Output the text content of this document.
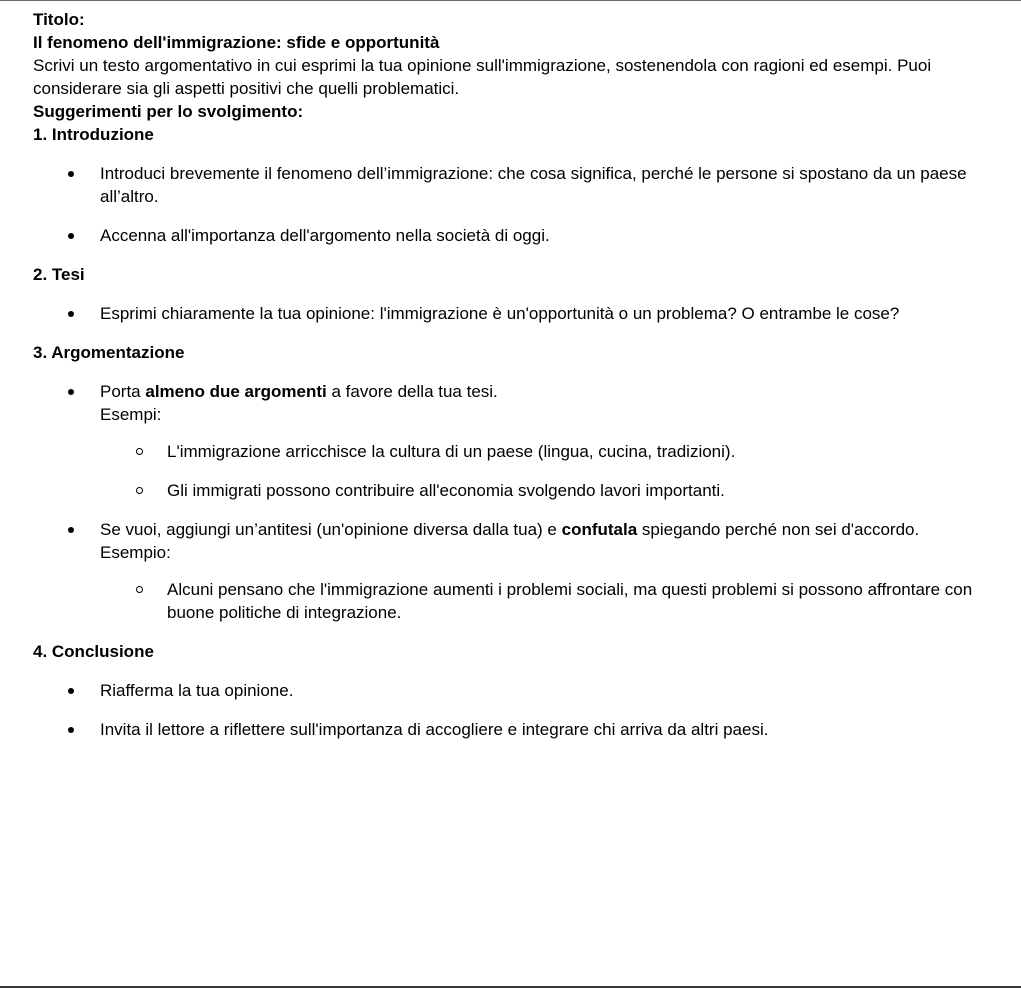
Titolo:

Il fenomeno dell'immigrazione: sfide e opportunità

Scrivi un testo argomentativo in cui esprimi la tua opinione sull'immigrazione, sostenendola con ragioni ed esempi. Puoi considerare sia gli aspetti positivi che quelli problematici.

Suggerimenti per lo svolgimento:

1. Introduzione
Introduci brevemente il fenomeno dell’immigrazione: che cosa significa, perché le persone si spostano da un paese all’altro.
Accenna all'importanza dell'argomento nella società di oggi.
2. Tesi
Esprimi chiaramente la tua opinione: l'immigrazione è un'opportunità o un problema? O entrambe le cose?
3. Argomentazione
Porta almeno due argomenti a favore della tua tesi.
Esempi:
L'immigrazione arricchisce la cultura di un paese (lingua, cucina, tradizioni).
Gli immigrati possono contribuire all'economia svolgendo lavori importanti.
Se vuoi, aggiungi un’antitesi (un'opinione diversa dalla tua) e confutala spiegando perché non sei d'accordo. Esempio:
Alcuni pensano che l'immigrazione aumenti i problemi sociali, ma questi problemi si possono affrontare con buone politiche di integrazione.
4. Conclusione
Riafferma la tua opinione.
Invita il lettore a riflettere sull'importanza di accogliere e integrare chi arriva da altri paesi.
